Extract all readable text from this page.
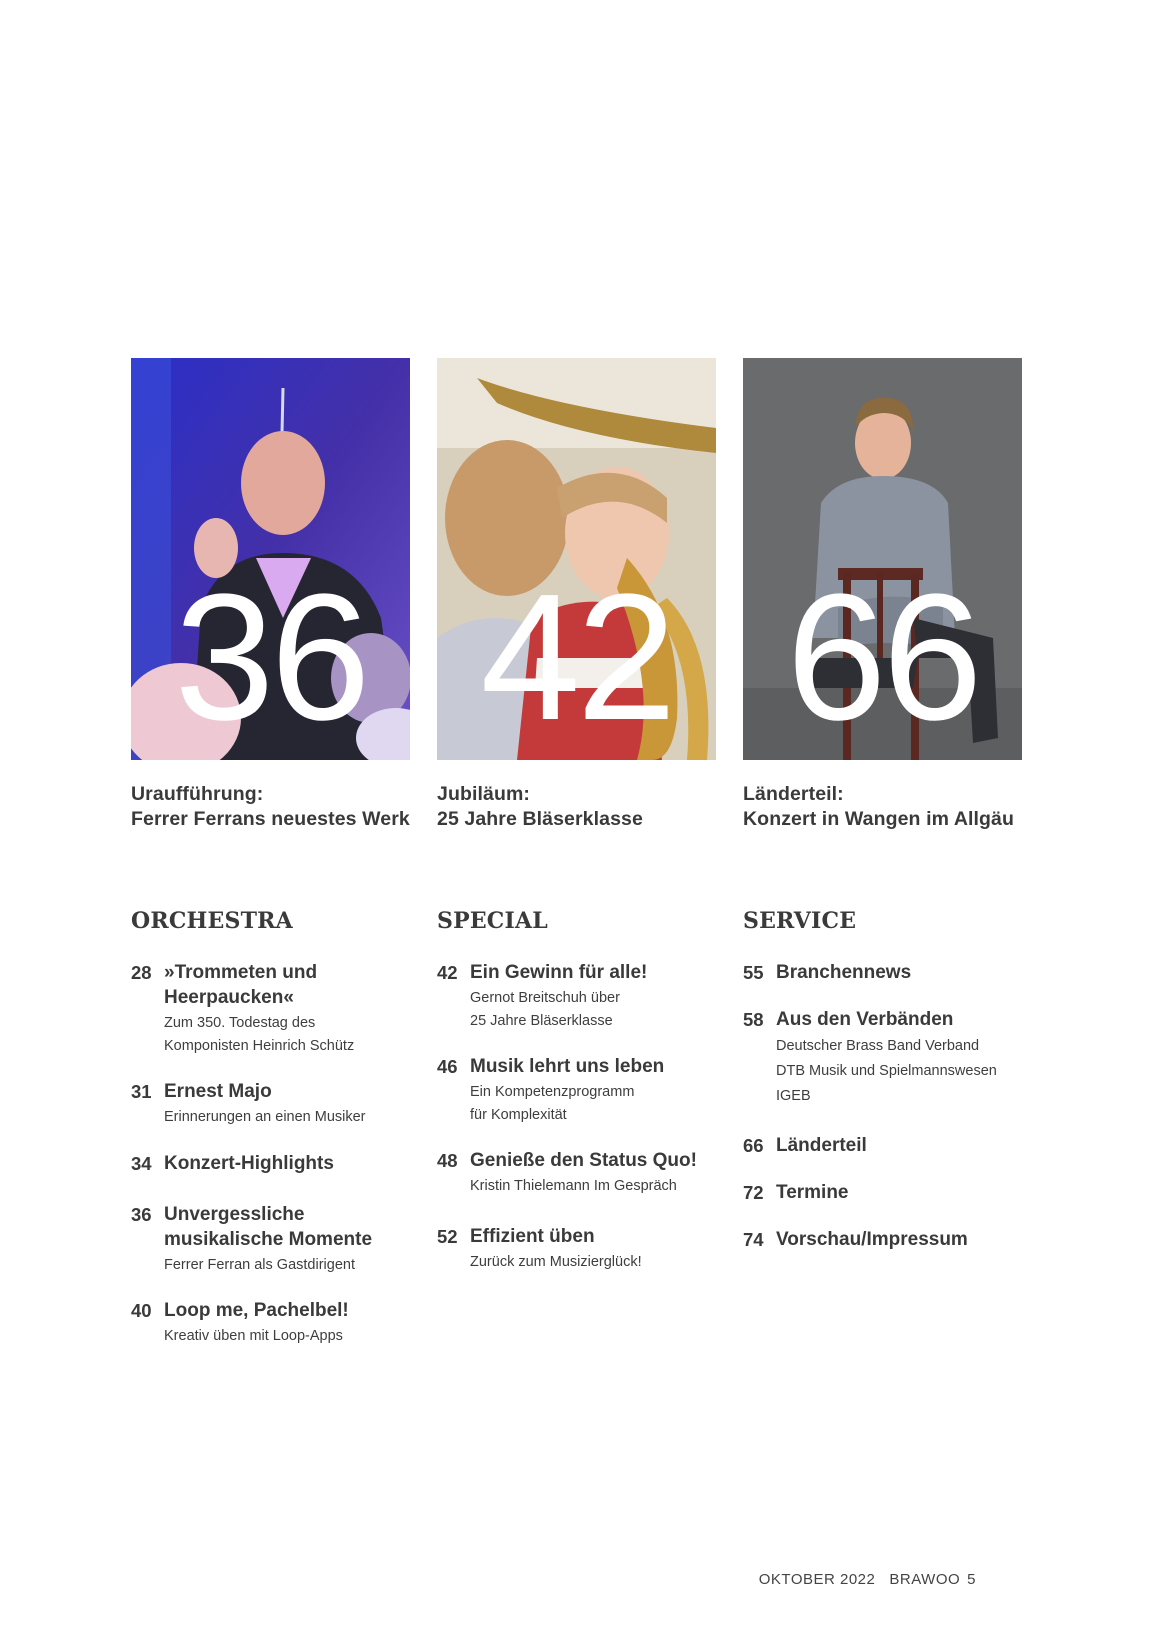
36
Uraufführung:
Ferrer Ferrans neuestes Werk
42
Jubiläum:
25 Jahre Bläserklasse
66
Länderteil:
Konzert in Wangen im Allgäu
ORCHESTRA
28 »Trommeten und
Heerpaucken«
Zum 350. Todestag des
Komponisten Heinrich Schütz
31 Ernest Majo
Erinnerungen an einen Musiker
34 Konzert-Highlights
36 Unvergessliche
musikalische Momente
Ferrer Ferran als Gastdirigent
40 Loop me, Pachelbel!
Kreativ üben mit Loop-Apps
SPECIAL
42 Ein Gewinn für alle!
Gernot Breitschuh über
25 Jahre Bläserklasse
46 Musik lehrt uns leben
Ein Kompetenzprogramm
für Komplexität
48 Genieße den Status Quo!
Kristin Thielemann Im Gespräch
52 Effizient üben
Zurück zum Musizierglück!
SERVICE
55 Branchennews
58 Aus den Verbänden
Deutscher Brass Band Verband
DTB Musik und Spielmannswesen
IGEB
66 Länderteil
72 Termine
74 Vorschau/Impressum
OKTOBER 2022 BRAWOO 5
